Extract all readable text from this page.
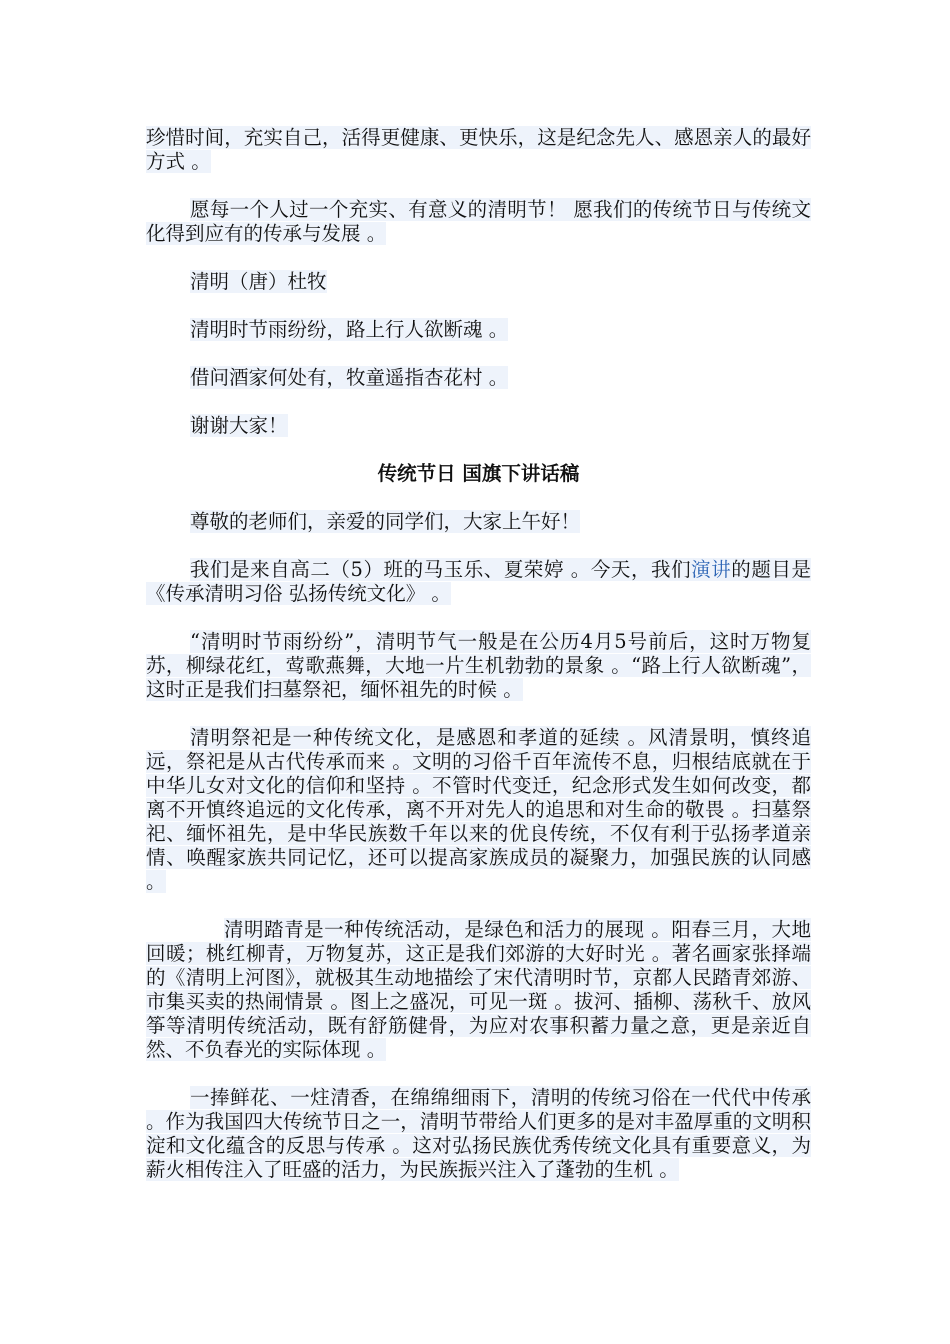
珍惜时间，充实自己，活得更健康、更快乐，这是纪念先人、感恩亲人的最好方式 。

愿每一个人过一个充实、有意义的清明节！ 愿我们的传统节日与传统文化得到应有的传承与发展 。

清明（唐）杜牧

清明时节雨纷纷，路上行人欲断魂 。

借问酒家何处有，牧童遥指杏花村 。

谢谢大家！

传统节日 国旗下讲话稿

尊敬的老师们，亲爱的同学们，大家上午好！

我们是来自高二（5）班的马玉乐、夏荣婷 。今天，我们演讲的题目是《传承清明习俗 弘扬传统文化》 。

“清明时节雨纷纷”，清明节气一般是在公历4月5号前后，这时万物复苏，柳绿花红，莺歌燕舞，大地一片生机勃勃的景象 。“路上行人欲断魂”，这时正是我们扫墓祭祀，缅怀祖先的时候 。

清明祭祀是一种传统文化，是感恩和孝道的延续 。风清景明，慎终追远，祭祀是从古代传承而来 。文明的习俗千百年流传不息，归根结底就在于中华儿女对文化的信仰和坚持 。不管时代变迁，纪念形式发生如何改变，都离不开慎终追远的文化传承，离不开对先人的追思和对生命的敬畏 。扫墓祭祀、缅怀祖先，是中华民族数千年以来的优良传统，不仅有利于弘扬孝道亲情、唤醒家族共同记忆，还可以提高家族成员的凝聚力，加强民族的认同感 。

清明踏青是一种传统活动，是绿色和活力的展现 。阳春三月，大地回暖；桃红柳青，万物复苏，这正是我们郊游的大好时光 。著名画家张择端的《清明上河图》，就极其生动地描绘了宋代清明时节，京都人民踏青郊游、市集买卖的热闹情景 。图上之盛况，可见一斑 。拔河、插柳、荡秋千、放风筝等清明传统活动，既有舒筋健骨，为应对农事积蓄力量之意，更是亲近自然、不负春光的实际体现 。

一捧鲜花、一炷清香，在绵绵细雨下，清明的传统习俗在一代代中传承 。作为我国四大传统节日之一，清明节带给人们更多的是对丰盈厚重的文明积淀和文化蕴含的反思与传承 。这对弘扬民族优秀传统文化具有重要意义，为薪火相传注入了旺盛的活力，为民族振兴注入了蓬勃的生机 。
